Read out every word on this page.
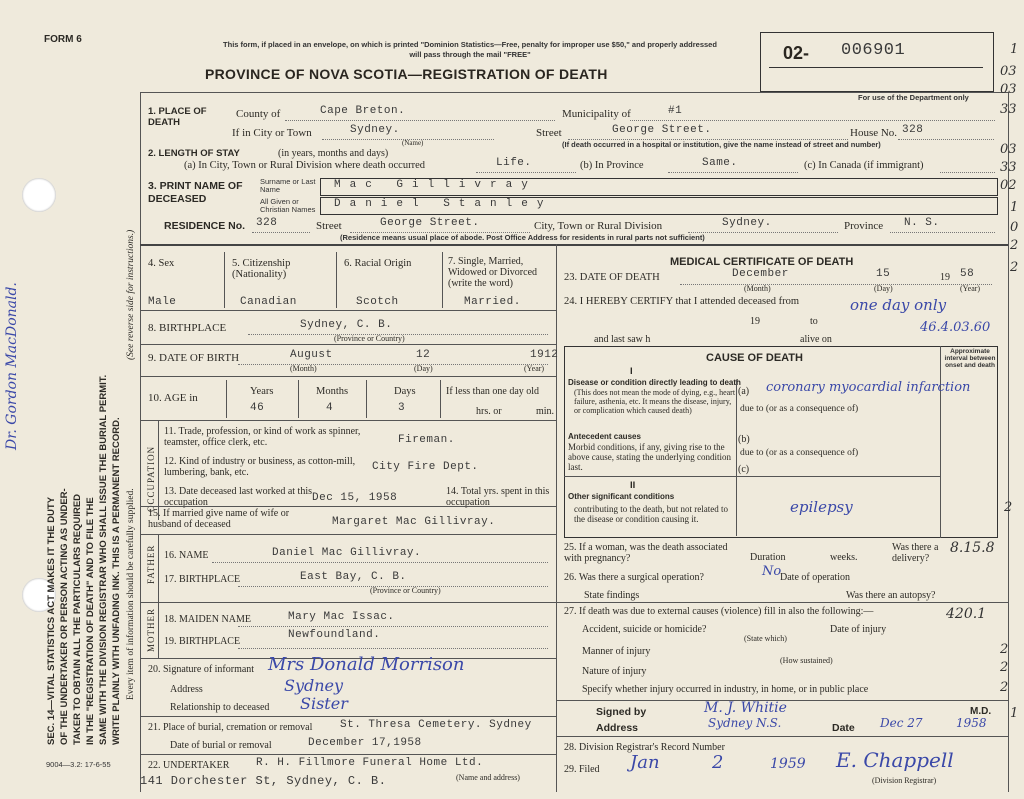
FORM 6
9004—3.2: 17-6-55
SEC. 14—VITAL STATISTICS ACT MAKES IT THE DUTY OF THE UNDERTAKER OR PERSON ACTING AS UNDER- TAKER TO OBTAIN ALL THE PARTICULARS REQUIRED IN THE "REGISTRATION OF DEATH" AND TO FILE THE SAME WITH THE DIVISION REGISTRAR WHO SHALL ISSUE THE BURIAL PERMIT. WRITE PLAINLY WITH UNFADING INK. THIS IS A PERMANENT RECORD. Every item of information should be carefully supplied.
(See reverse side for instructions.)
Dr. Gordon MacDonald.
This form, if placed in an envelope, on which is printed "Dominion Statistics—Free, penalty for improper use $50," and properly addressed will pass through the mail "FREE"
PROVINCE OF NOVA SCOTIA—REGISTRATION OF DEATH
02- 006901
For use of the Department only
1. PLACE OF DEATH
County of	Cape Breton.	Municipality of	#1
If in City or Town	Sydney.
(Name)
Street	George Street.	House No. 328
(If death occurred in a hospital or institution, give the name instead of street and number)
2. LENGTH OF STAY	(in years, months and days)
(a) In City, Town or Rural Division where death occurred	Life.	(b) In Province	Same.	(c) In Canada (if immigrant)
3. PRINT NAME OF DECEASED
Surname or Last Name	Mac Gillivray
All Given or Christian Names	Daniel Stanley
RESIDENCE No. 328	Street	George Street.	City, Town or Rural Division	Sydney.	Province N. S.
(Residence means usual place of abode. Post Office Address for residents in rural parts not sufficient)
4. Sex	5. Citizenship (Nationality)
6. Racial Origin	7. Single, Married, Widowed or Divorced (write the word)
Male	Canadian	Scotch	Married.
8. BIRTHPLACE	Sydney, C. B.
(Province or Country)
9. DATE OF BIRTH	August	12	1912
(Month)	(Day)	(Year)
10. AGE in
Years	Months	Days	If less than one day old
46	4	3	hrs. or	min.
OCCUPATION
11. Trade, profession, or kind of work as spinner, teamster, office clerk, etc.	Fireman.
12. Kind of industry or business, as cotton-mill, lumbering, bank, etc.	City Fire Dept.
13. Date deceased last worked at this occupation	Dec 15, 1958
14. Total yrs. spent in this occupation
15. If married give name of wife or husband of deceased	Margaret Mac Gillivray.
FATHER 16. NAME	Daniel Mac Gillivray.
17. BIRTHPLACE	East Bay, C. B.
(Province or Country)
MOTHER 18. MAIDEN NAME	Mary Mac Issac.
19. BIRTHPLACE
Newfoundland.
20. Signature of informant Mrs Donald Morrison
Address	Sydney
Relationship to deceased Sister
21. Place of burial, cremation or removal	St. Thresa Cemetery. Sydney
Date of burial or removal	December 17,1958
22. UNDERTAKER R. H. Fillmore Funeral Home Ltd.
(Name and address)
141 Dorchester St, Sydney, C. B.
MEDICAL CERTIFICATE OF DEATH
23. DATE OF DEATH	December	15	19 58
(Month)	(Day)	(Year)
24. I HEREBY CERTIFY that I attended deceased from	one day only
19	to
and last saw h	alive on
46.4.03.60
CAUSE OF DEATH
Approximate interval between onset and death
I
Disease or condition directly leading to death
(This does not mean the mode of dying, e.g., heart failure, asthenia, etc. It means the disease, injury, or complication which caused death)
(a) coronary myocardial infarction
due to (or as a consequence of)
Antecedent causes
Morbid conditions, if any, giving rise to the above cause, stating the underlying condition last.
(b)
due to (or as a consequence of)
(c)
II
Other significant conditions
contributing to the death, but not related to the disease or condition causing it.
epilepsy
25. If a woman, was the death associated with pregnancy?	Duration	weeks.
Was there a delivery?
26. Was there a surgical operation?	No
Date of operation
State findings	Was there an autopsy?
27. If death was due to external causes (violence) fill in also the following:—
Accident, suicide or homicide?
(State which)
Date of injury
Manner of injury
(How sustained)
Nature of injury
Specify whether injury occurred in industry, in home, or in public place
Signed by	M. J. Whitie	M.D.
Address	Sydney N.S.	Date Dec 27	1958
28. Division Registrar's Record Number
29. Filed Jan	2	1959 E. Chappell
(Division Registrar)
1
03
03
33
03
33
02
1
0
2
2
2
8.15.8
420.1
2
2
2
1
